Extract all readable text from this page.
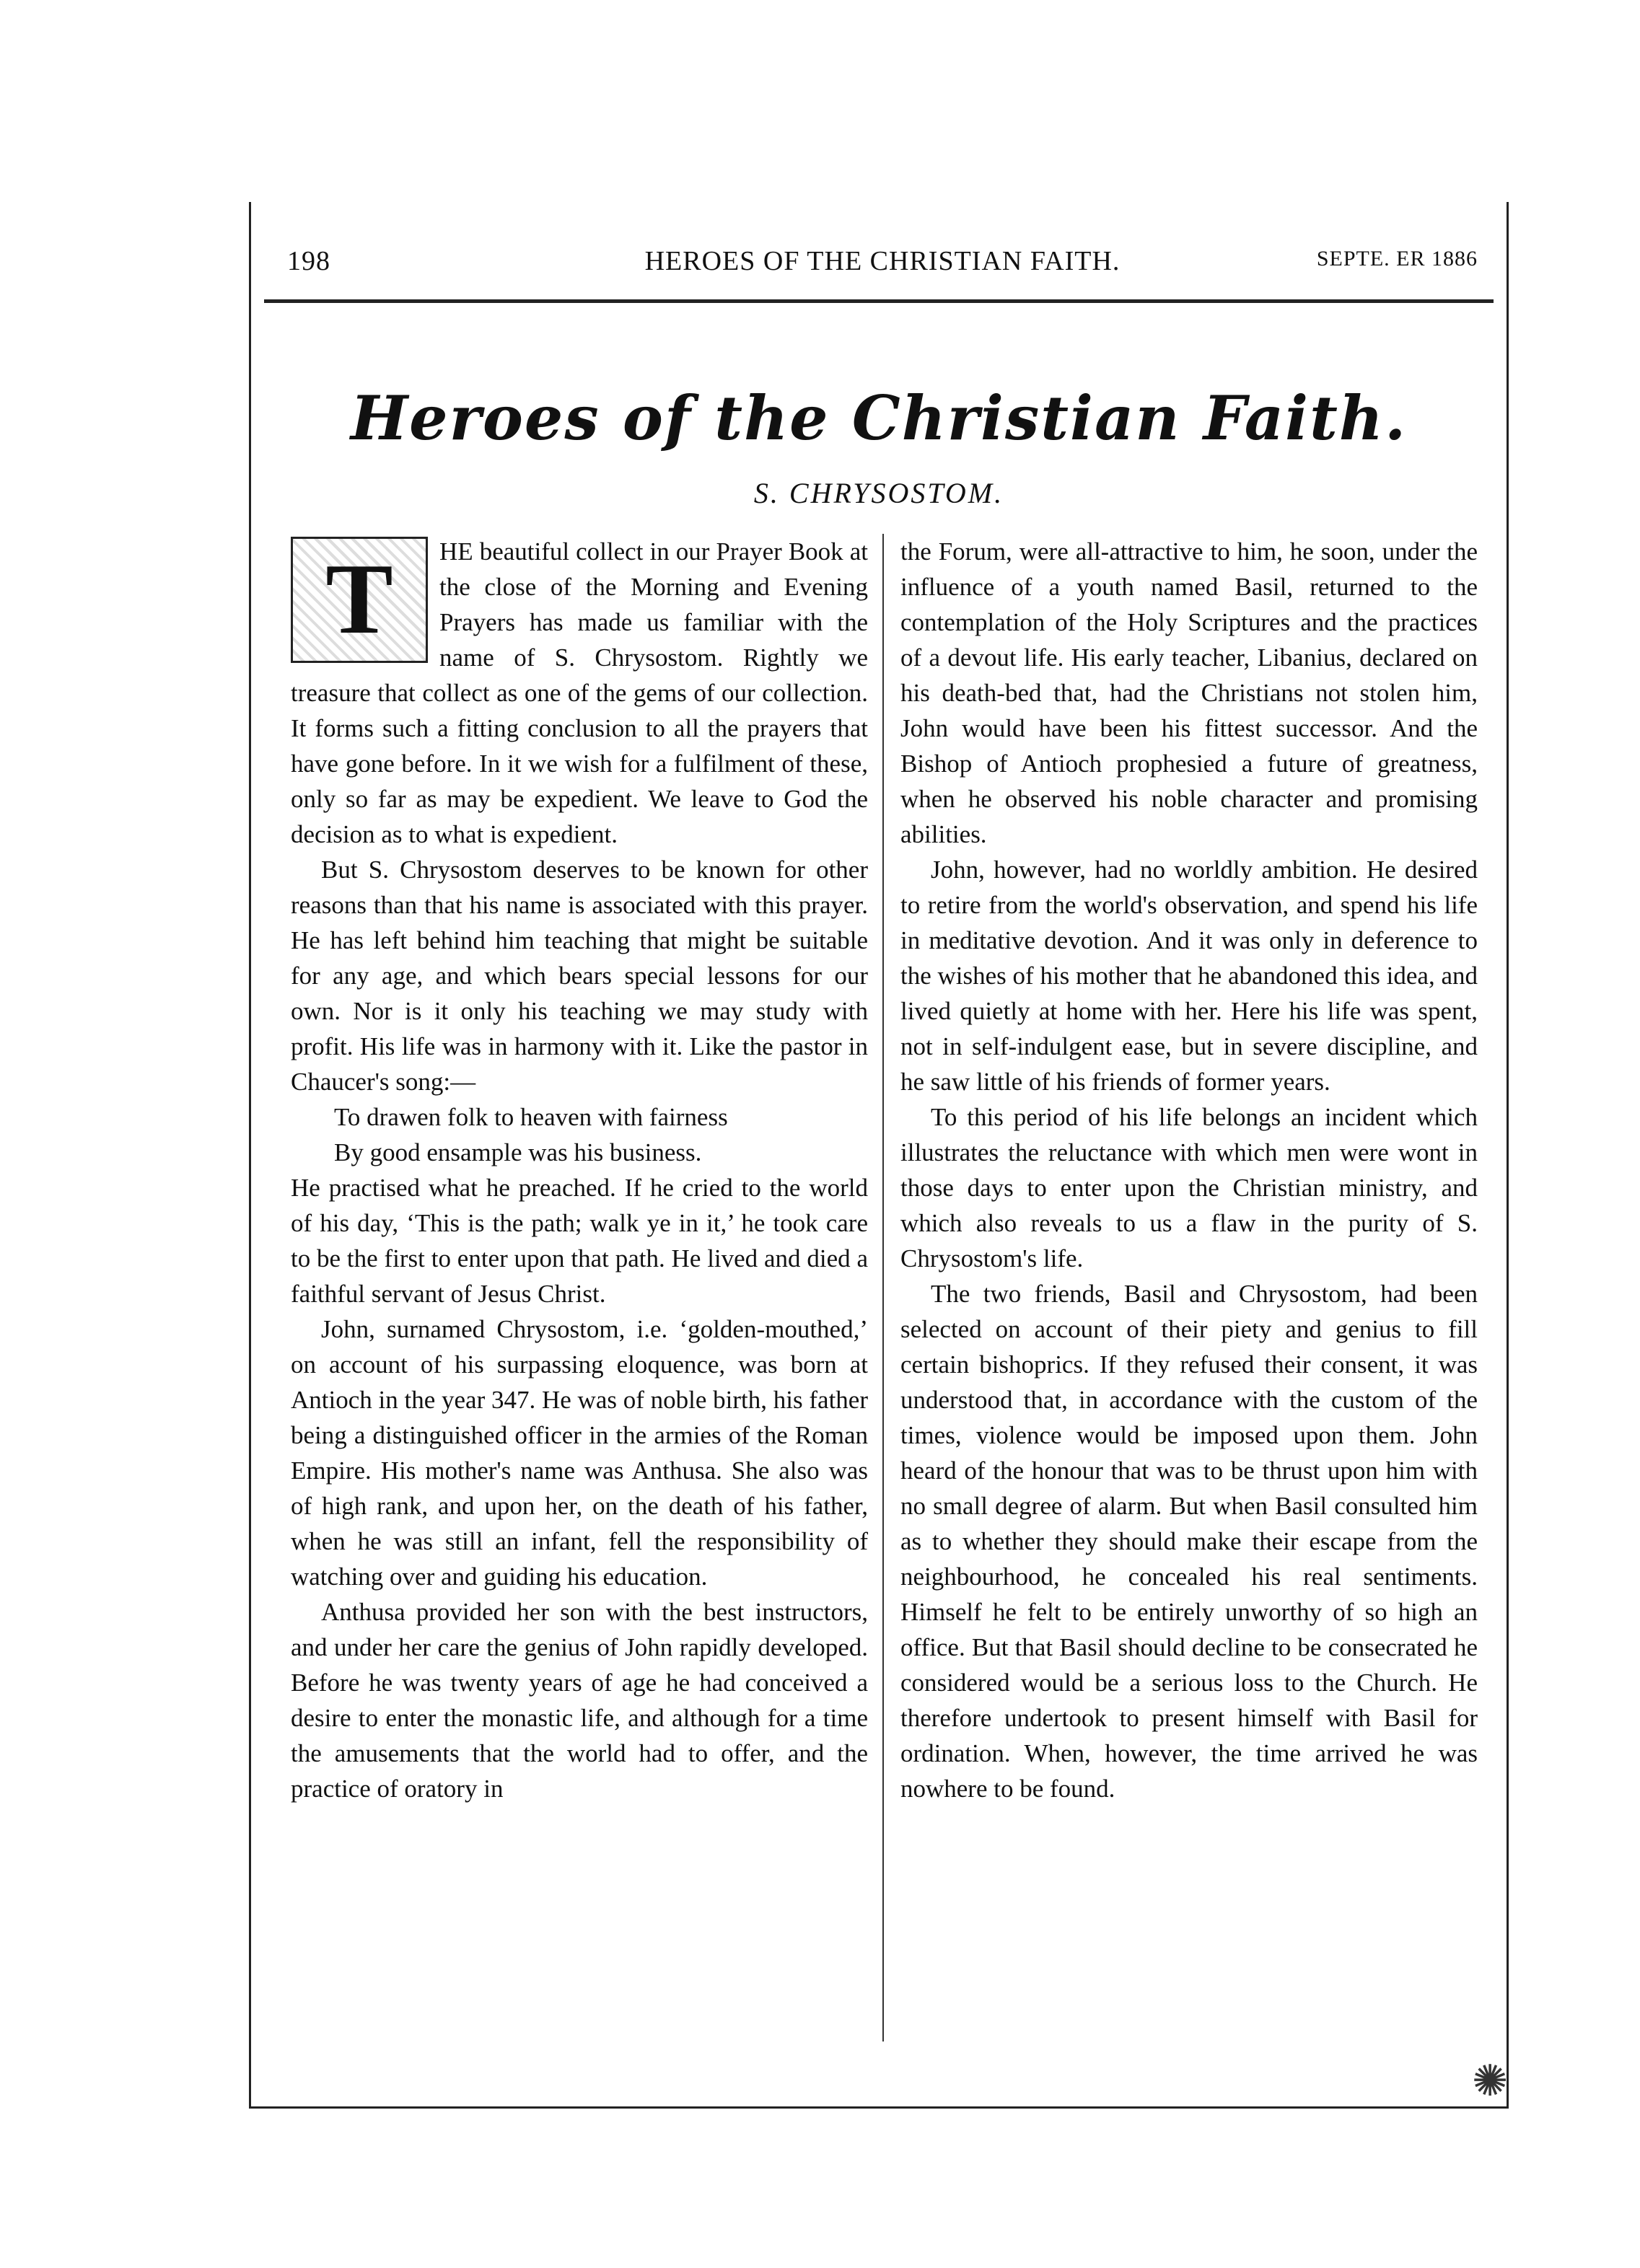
198	HEROES OF THE CHRISTIAN FAITH.	SEPTE. ER 1886
Heroes of the Christian Faith.
S. CHRYSOSTOM.

T	HE beautiful collect in our Prayer Book at the close of the Morning and Evening Prayers has made us familiar with the name of S. Chrysostom. Rightly we treasure that collect as one of the gems of our collection. It forms such a fitting conclusion to all the prayers that have gone before. In it we wish for a fulfilment of these, only so far as may be expedient. We leave to God the decision as to what is expedient.

But S. Chrysostom deserves to be known for other reasons than that his name is associated with this prayer. He has left behind him teaching that might be suitable for any age, and which bears special lessons for our own. Nor is it only his teaching we may study with profit. His life was in harmony with it. Like the pastor in Chaucer's song:—

To drawen folk to heaven with fairness

By good ensample was his business.

He practised what he preached. If he cried to the world of his day, ‘This is the path; walk ye in it,’ he took care to be the first to enter upon that path. He lived and died a faithful servant of Jesus Christ.

John, surnamed Chrysostom, i.e. ‘golden-mouthed,’ on account of his surpassing eloquence, was born at Antioch in the year 347. He was of noble birth, his father being a distinguished officer in the armies of the Roman Empire. His mother's name was Anthusa. She also was of high rank, and upon her, on the death of his father, when he was still an infant, fell the responsibility of watching over and guiding his education.

Anthusa provided her son with the best instructors, and under her care the genius of John rapidly developed. Before he was twenty years of age he had conceived a desire to enter the monastic life, and although for a time the amusements that the world had to offer, and the practice of oratory in

the Forum, were all-attractive to him, he soon, under the influence of a youth named Basil, returned to the contemplation of the Holy Scriptures and the practices of a devout life. His early teacher, Libanius, declared on his death-bed that, had the Christians not stolen him, John would have been his fittest successor. And the Bishop of Antioch prophesied a future of greatness, when he observed his noble character and promising abilities.

John, however, had no worldly ambition. He desired to retire from the world's observation, and spend his life in meditative devotion. And it was only in deference to the wishes of his mother that he abandoned this idea, and lived quietly at home with her. Here his life was spent, not in self-indulgent ease, but in severe discipline, and he saw little of his friends of former years.

To this period of his life belongs an incident which illustrates the reluctance with which men were wont in those days to enter upon the Christian ministry, and which also reveals to us a flaw in the purity of S. Chrysostom's life.

The two friends, Basil and Chrysostom, had been selected on account of their piety and genius to fill certain bishoprics. If they refused their consent, it was understood that, in accordance with the custom of the times, violence would be imposed upon them. John heard of the honour that was to be thrust upon him with no small degree of alarm. But when Basil consulted him as to whether they should make their escape from the neighbourhood, he concealed his real sentiments. Himself he felt to be entirely unworthy of so high an office. But that Basil should decline to be consecrated he considered would be a serious loss to the Church. He therefore undertook to present himself with Basil for ordination. When, however, the time arrived he was nowhere to be found.

✺
